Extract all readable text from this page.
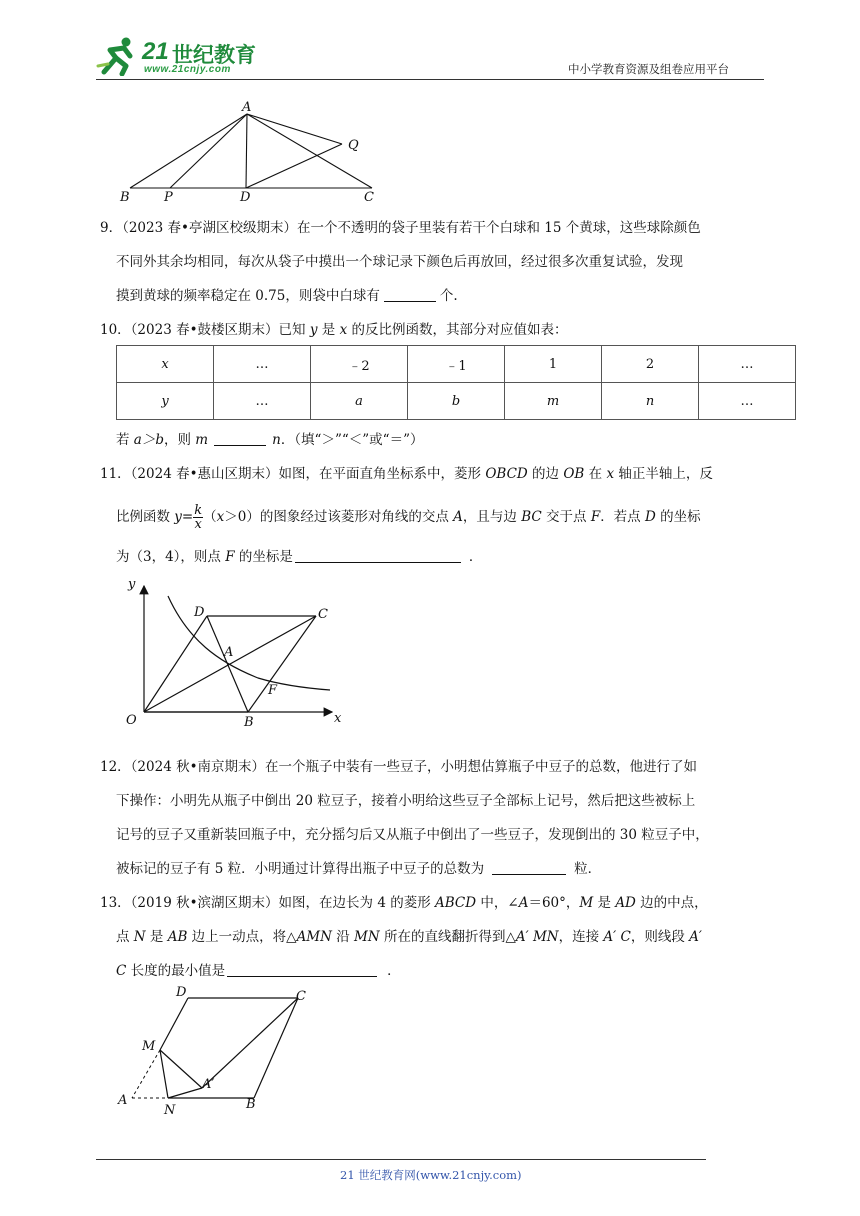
21 世纪教育
www.21cnjy.com	中小学教育资源及组卷应用平台
A
Q
B	P	D	C
9．（2023 春•亭湖区校级期末）在一个不透明的袋子里装有若干个白球和 15 个黄球，这些球除颜色
不同外其余均相同，每次从袋子中摸出一个球记录下颜色后再放回，经过很多次重复试验，发现
摸到黄球的频率稳定在 0.75，则袋中白球有	个.
10．（2023 春•鼓楼区期末）已知 y 是 x 的反比例函数，其部分对应值如表：
x	…	﹣2	﹣1	1	2	…
y	…	a	b	m	n	…
若 a＞b，则 m	n．（填“＞”“＜”或“＝”）
11．（2024 春•惠山区期末）如图，在平面直角坐标系中，菱形 OBCD 的边 OB 在 x 轴正半轴上，反
比例函数 $y= \frac{k}{x} (x>0)$的图象经过该菱形对角线的交点 A，且与边 BC 交于点 F．若点 D 的坐标
为（3，4），则点 F 的坐标是	．
y
x
O	B
D	C
A
F
12．（2024 秋•南京期末）在一个瓶子中装有一些豆子，小明想估算瓶子中豆子的总数，他进行了如
下操作：小明先从瓶子中倒出 20 粒豆子，接着小明给这些豆子全部标上记号，然后把这些被标上
记号的豆子又重新装回瓶子中，充分摇匀后又从瓶子中倒出了一些豆子，发现倒出的 30 粒豆子中，
被标记的豆子有 5 粒．小明通过计算得出瓶子中豆子的总数为	粒．
13．（2019 秋•滨湖区期末）如图，在边长为 4 的菱形 ABCD 中，∠A＝60°，M 是 AD 边的中点，
点 N 是 AB 边上一动点，将△AMN 沿 MN 所在的直线翻折得到△A′ MN，连接 A′ C，则线段 A′
C 长度的最小值是	．
D	C
M
A′
A
N	B
21 世纪教育网(www.21cnjy.com)
